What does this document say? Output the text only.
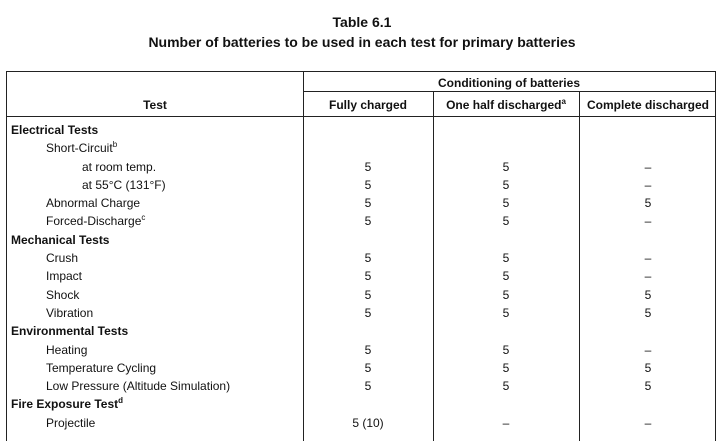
Table 6.1
Number of batteries to be used in each test for primary batteries
Conditioning of batteries
Test	Fully charged	One half discharged$^a$	Complete discharged
Electrical Tests
Short-Circuit$^b$
at room temp.	5	5	–
at 55°C (131°F)	5	5	–
Abnormal Charge	5	5	5
Forced-Discharge$^c$	5	5	–
Mechanical Tests
Crush	5	5	–
Impact	5	5	–
Shock	5	5	5
Vibration	5	5	5
Environmental Tests
Heating	5	5	–
Temperature Cycling	5	5	5
Low Pressure (Altitude Simulation)	5	5	5
Fire Exposure Test$^d$
Projectile	5 (10)	–	–
